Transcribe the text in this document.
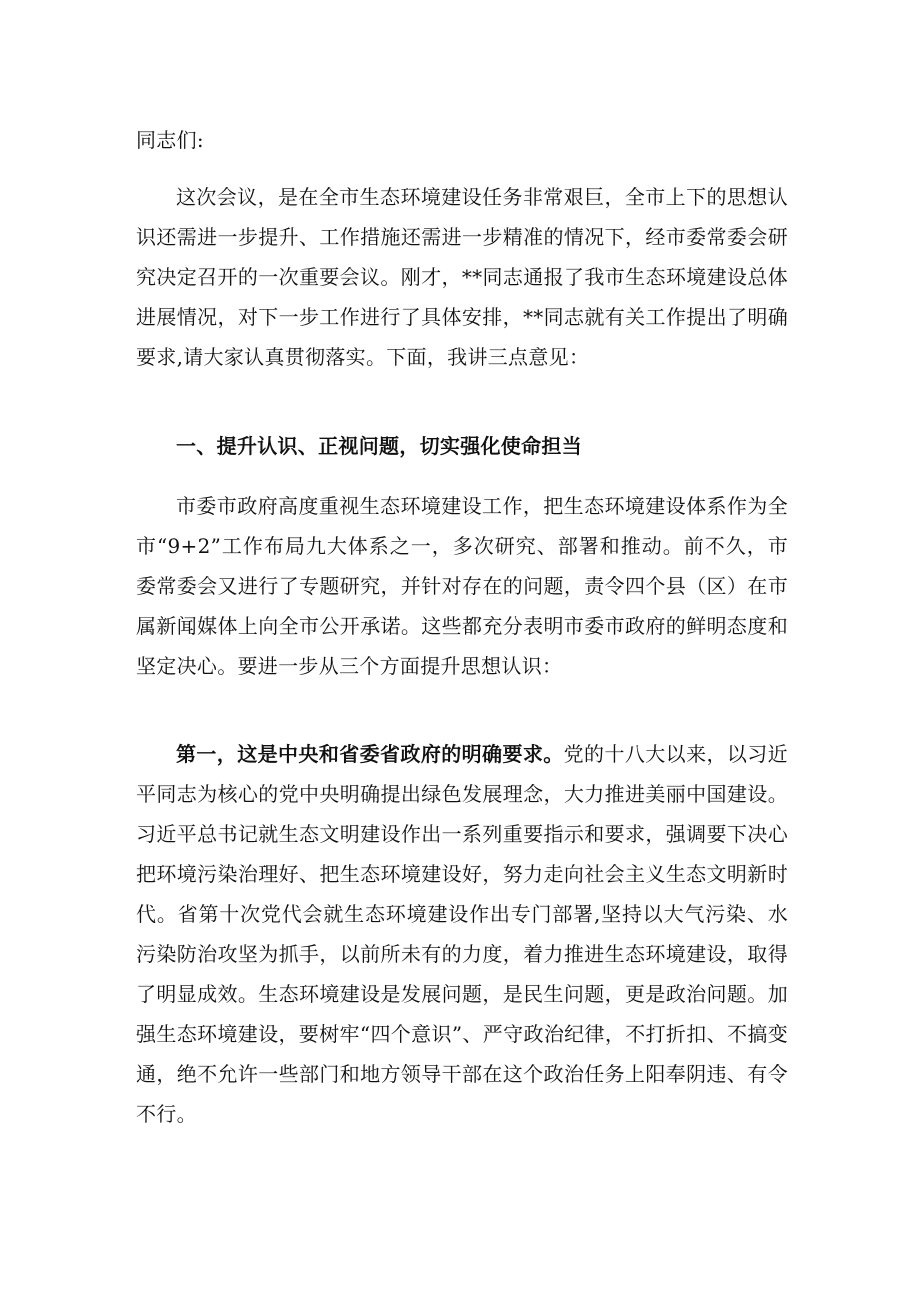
同志们:

这次会议，是在全市生态环境建设任务非常艰巨，全市上下的思想认识还需进一步提升、工作措施还需进一步精准的情况下，经市委常委会研究决定召开的一次重要会议。刚才，**同志通报了我市生态环境建设总体进展情况，对下一步工作进行了具体安排，**同志就有关工作提出了明确要求,请大家认真贯彻落实。下面，我讲三点意见：

一、提升认识、正视问题，切实强化使命担当

市委市政府高度重视生态环境建设工作，把生态环境建设体系作为全市“9+2”工作布局九大体系之一，多次研究、部署和推动。前不久，市委常委会又进行了专题研究，并针对存在的问题，责令四个县（区）在市属新闻媒体上向全市公开承诺。这些都充分表明市委市政府的鲜明态度和坚定决心。要进一步从三个方面提升思想认识：

第一，这是中央和省委省政府的明确要求。党的十八大以来，以习近平同志为核心的党中央明确提出绿色发展理念，大力推进美丽中国建设。习近平总书记就生态文明建设作出一系列重要指示和要求，强调要下决心把环境污染治理好、把生态环境建设好，努力走向社会主义生态文明新时代。省第十次党代会就生态环境建设作出专门部署,坚持以大气污染、水污染防治攻坚为抓手，以前所未有的力度，着力推进生态环境建设，取得了明显成效。生态环境建设是发展问题，是民生问题，更是政治问题。加强生态环境建设，要树牢“四个意识”、严守政治纪律，不打折扣、不搞变通，绝不允许一些部门和地方领导干部在这个政治任务上阳奉阴违、有令不行。
